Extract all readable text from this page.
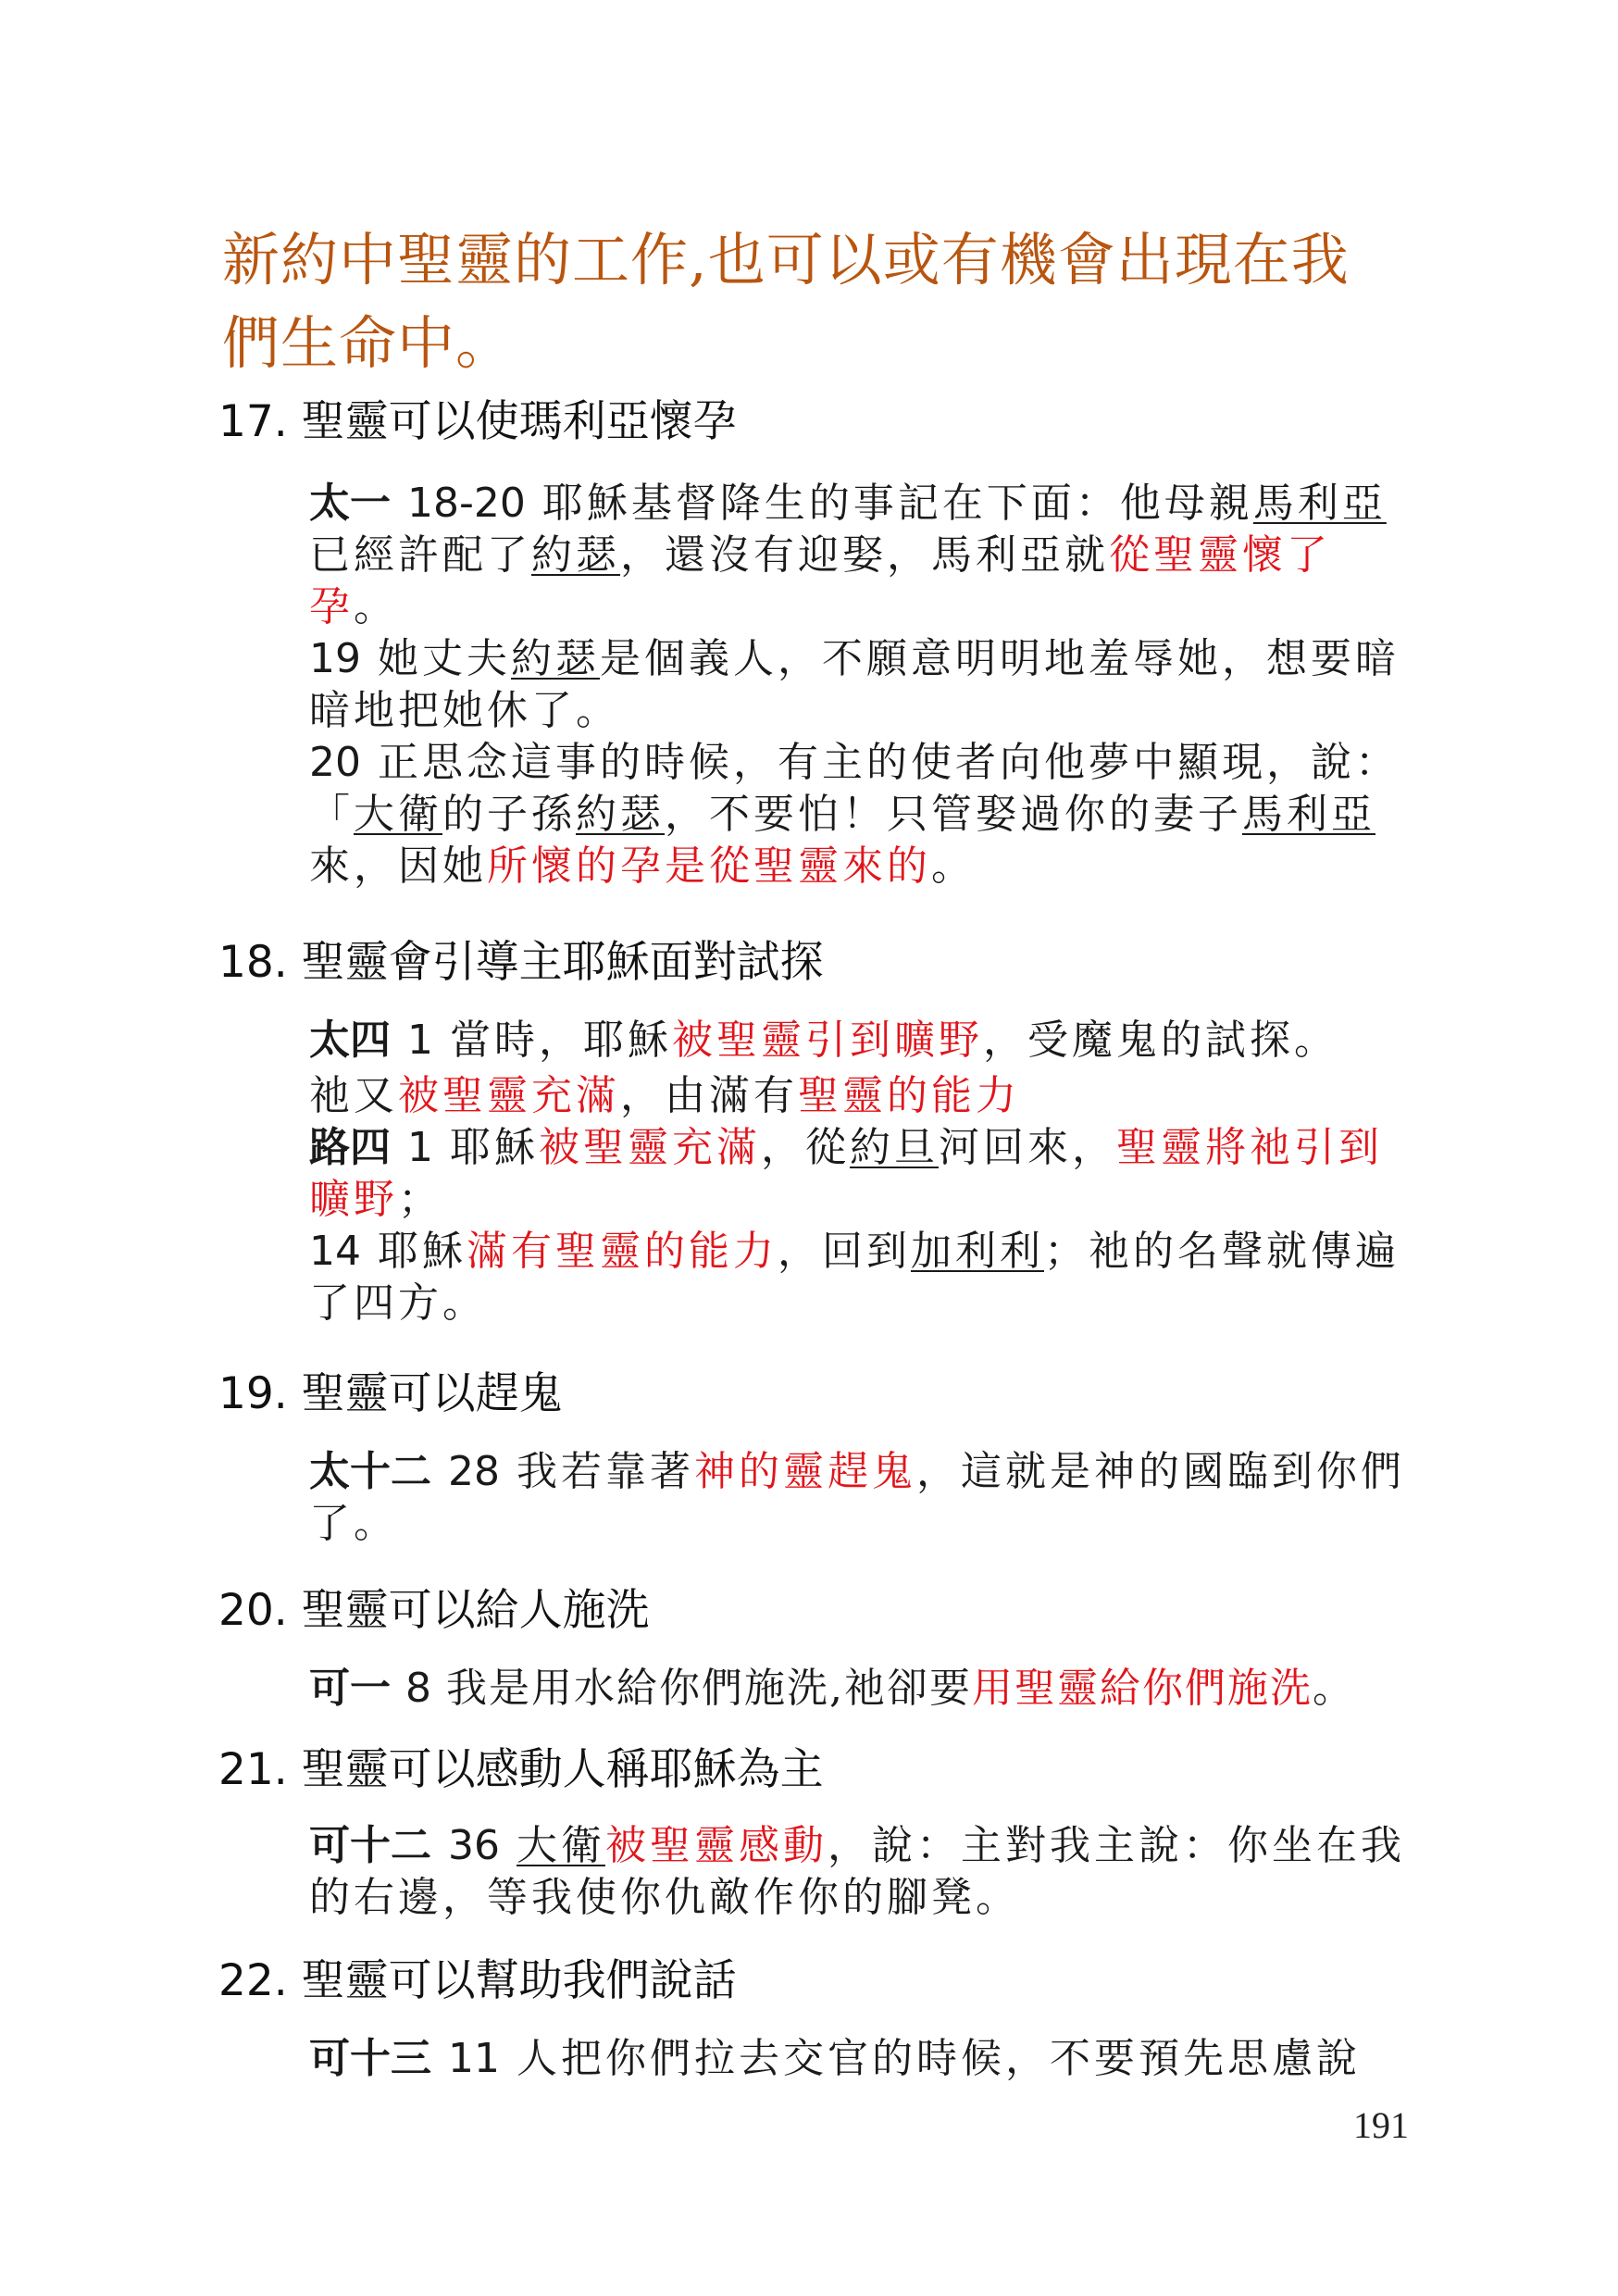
新約中聖靈的工作,也可以或有機會出現在我們生命中。
17. 聖靈可以使瑪利亞懷孕

太一 18-20 耶穌基督降生的事記在下面：他母親馬利亞已經許配了約瑟，還沒有迎娶，馬利亞就從聖靈懷了孕。

19 她丈夫約瑟是個義人，不願意明明地羞辱她，想要暗暗地把她休了。

20 正思念這事的時候，有主的使者向他夢中顯現，說：「大衛的子孫約瑟，不要怕！只管娶過你的妻子馬利亞來，因她所懷的孕是從聖靈來的。

18. 聖靈會引導主耶穌面對試探

太四 1 當時，耶穌被聖靈引到曠野，受魔鬼的試探。

祂又被聖靈充滿，由滿有聖靈的能力

路四 1 耶穌被聖靈充滿，從約旦河回來，聖靈將祂引到曠野；

14 耶穌滿有聖靈的能力，回到加利利；祂的名聲就傳遍了四方。

19. 聖靈可以趕鬼

太十二 28 我若靠著神的靈趕鬼，這就是神的國臨到你們了。

20. 聖靈可以給人施洗

可一 8 我是用水給你們施洗,祂卻要用聖靈給你們施洗。

21. 聖靈可以感動人稱耶穌為主

可十二 36 大衛被聖靈感動，說：主對我主說：你坐在我的右邊，等我使你仇敵作你的腳凳。

22. 聖靈可以幫助我們說話

可十三 11 人把你們拉去交官的時候，不要預先思慮說

191
